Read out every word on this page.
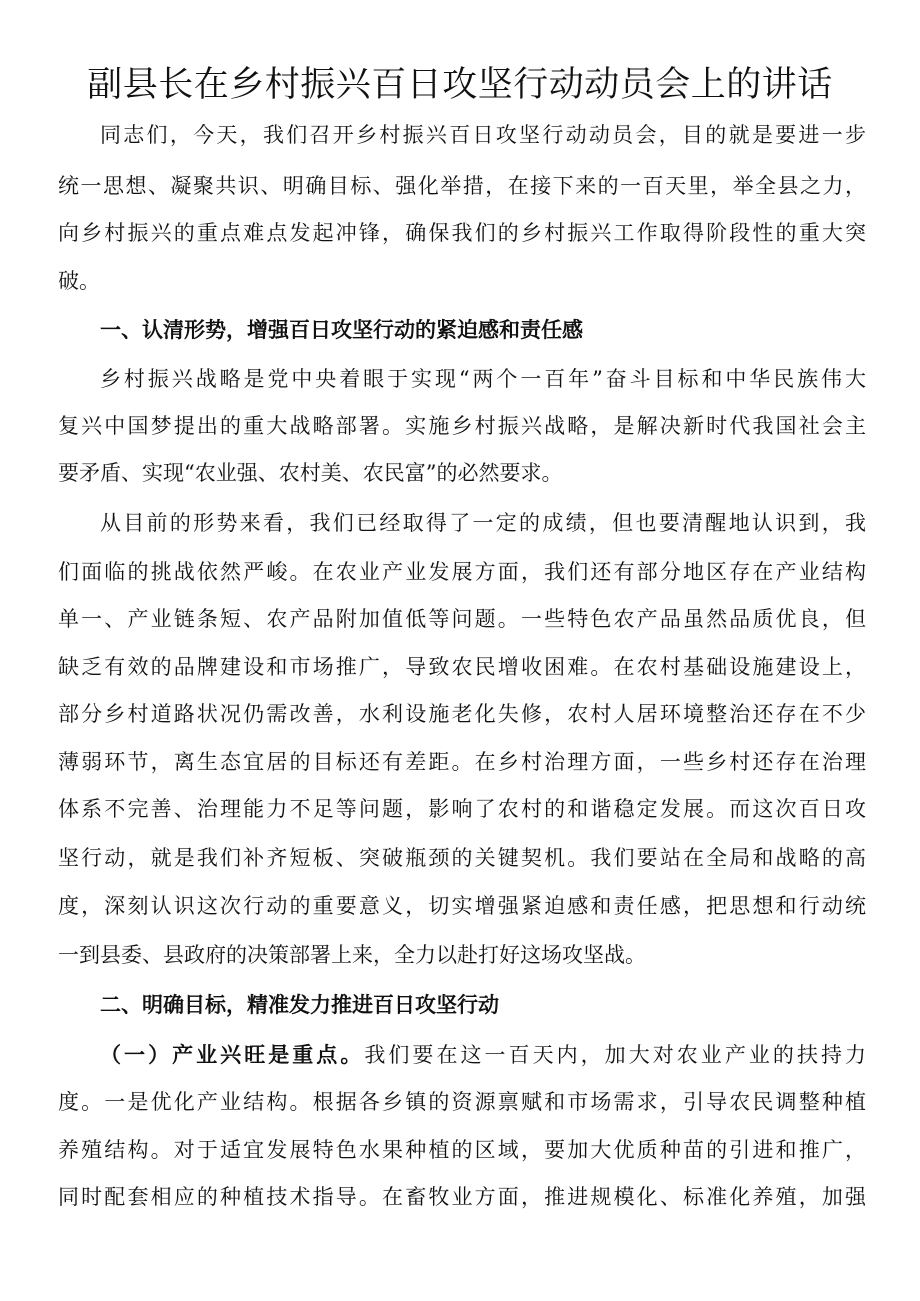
副县长在乡村振兴百日攻坚行动动员会上的讲话
同志们，今天，我们召开乡村振兴百日攻坚行动动员会，目的就是要进一步
统一思想、凝聚共识、明确目标、强化举措，在接下来的一百天里，举全县之力，
向乡村振兴的重点难点发起冲锋，确保我们的乡村振兴工作取得阶段性的重大突
破。
一、认清形势，增强百日攻坚行动的紧迫感和责任感
乡村振兴战略是党中央着眼于实现“两个一百年”奋斗目标和中华民族伟大
复兴中国梦提出的重大战略部署。实施乡村振兴战略，是解决新时代我国社会主
要矛盾、实现“农业强、农村美、农民富”的必然要求。
从目前的形势来看，我们已经取得了一定的成绩，但也要清醒地认识到，我
们面临的挑战依然严峻。在农业产业发展方面，我们还有部分地区存在产业结构
单一、产业链条短、农产品附加值低等问题。一些特色农产品虽然品质优良，但
缺乏有效的品牌建设和市场推广，导致农民增收困难。在农村基础设施建设上，
部分乡村道路状况仍需改善，水利设施老化失修，农村人居环境整治还存在不少
薄弱环节，离生态宜居的目标还有差距。在乡村治理方面，一些乡村还存在治理
体系不完善、治理能力不足等问题，影响了农村的和谐稳定发展。而这次百日攻
坚行动，就是我们补齐短板、突破瓶颈的关键契机。我们要站在全局和战略的高
度，深刻认识这次行动的重要意义，切实增强紧迫感和责任感，把思想和行动统
一到县委、县政府的决策部署上来，全力以赴打好这场攻坚战。
二、明确目标，精准发力推进百日攻坚行动
（一）产业兴旺是重点。我们要在这一百天内，加大对农业产业的扶持力
度。一是优化产业结构。根据各乡镇的资源禀赋和市场需求，引导农民调整种植
养殖结构。对于适宜发展特色水果种植的区域，要加大优质种苗的引进和推广，
同时配套相应的种植技术指导。在畜牧业方面，推进规模化、标准化养殖，加强
